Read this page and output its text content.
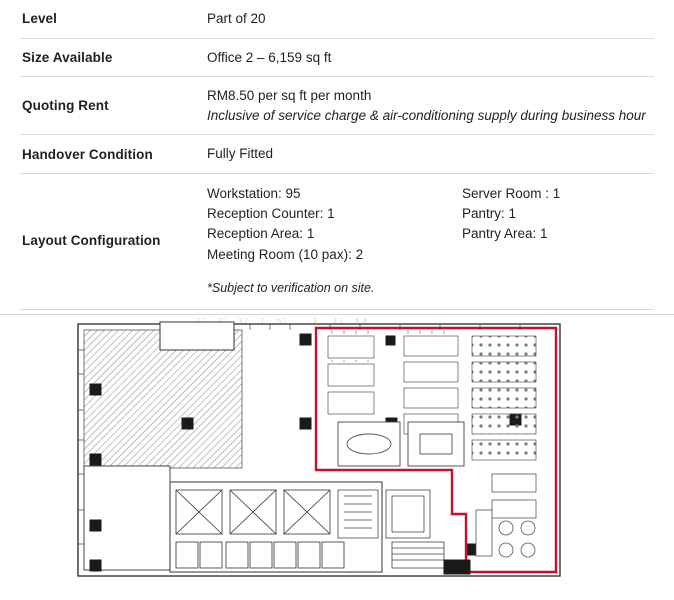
Level	Part of 20

Size Available	Office 2 – 6,159 sq ft

Quoting Rent	RM8.50 per sq ft per month
Inclusive of service charge & air-conditioning supply during business hour

Handover Condition	Fully Fitted

Layout Configuration	
Workstation: 95
Reception Counter: 1
Reception Area: 1
Meeting Room (10 pax): 2
Server Room : 1
Pantry: 1
Pantry Area: 1
*Subject to verification on site.
